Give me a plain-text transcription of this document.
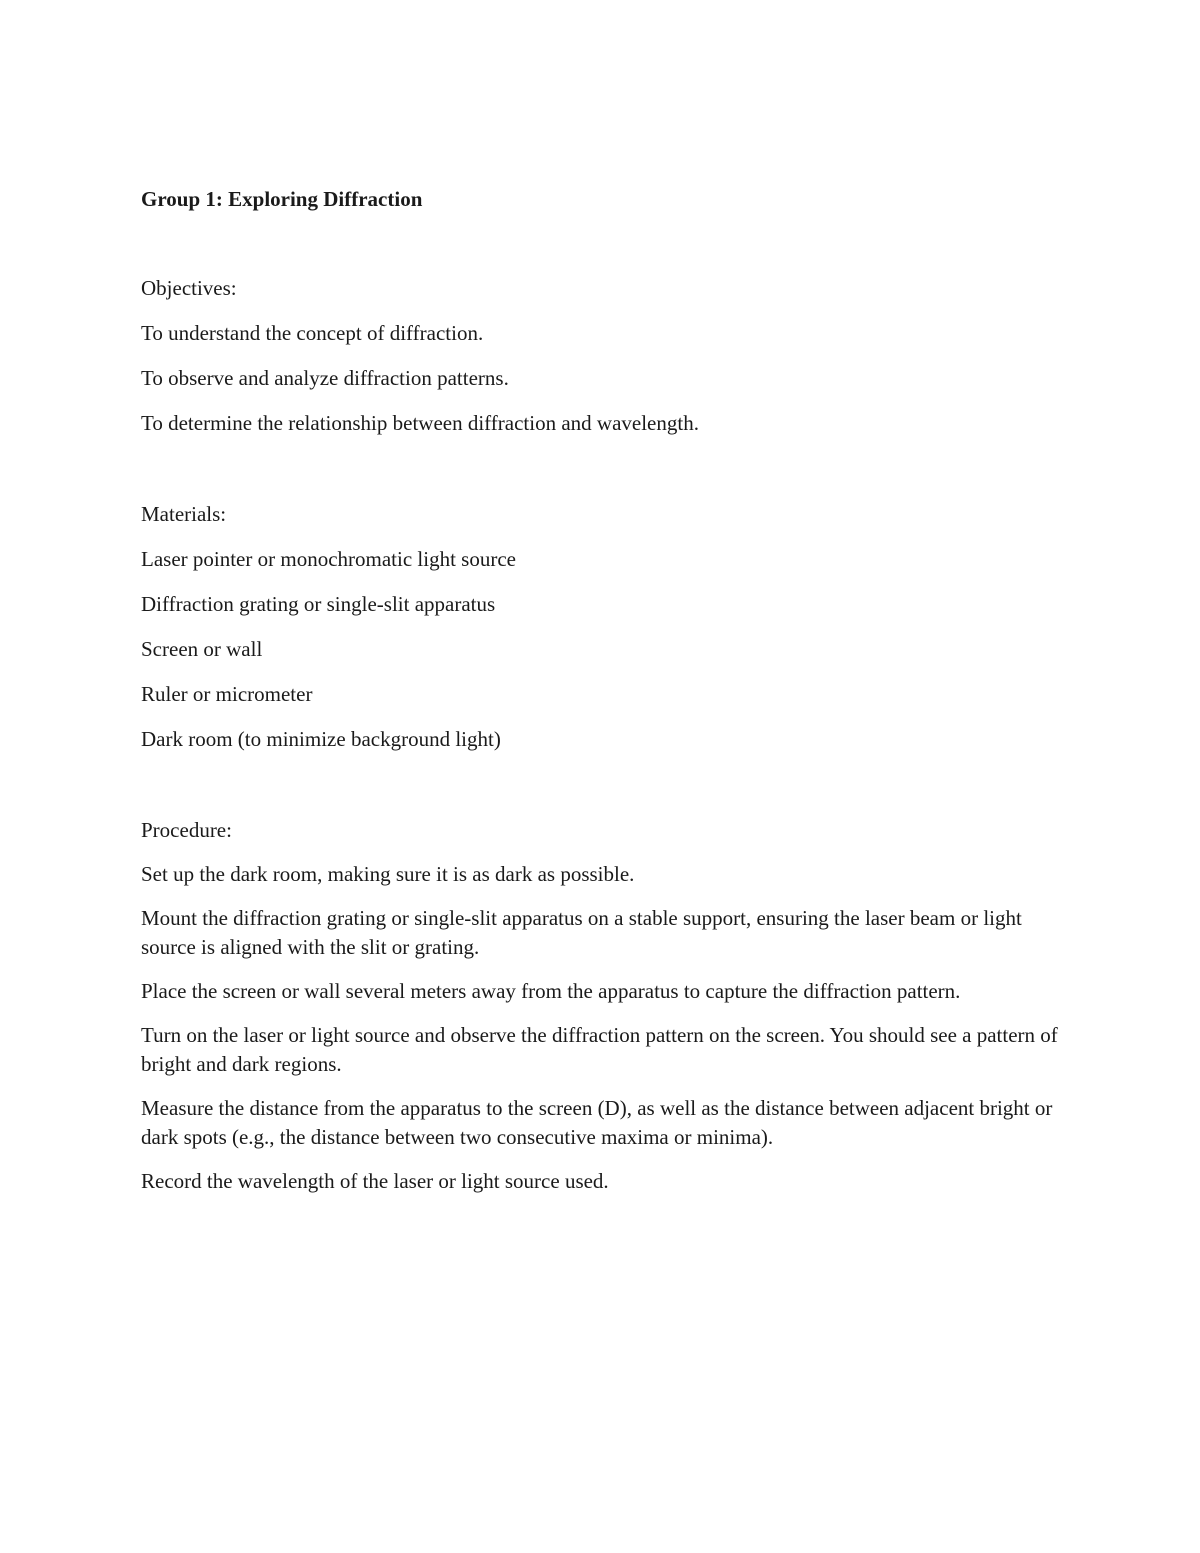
Group 1: Exploring Diffraction

Objectives:

To understand the concept of diffraction.

To observe and analyze diffraction patterns.

To determine the relationship between diffraction and wavelength.

Materials:

Laser pointer or monochromatic light source

Diffraction grating or single-slit apparatus

Screen or wall

Ruler or micrometer

Dark room (to minimize background light)

Procedure:

Set up the dark room, making sure it is as dark as possible.

Mount the diffraction grating or single-slit apparatus on a stable support, ensuring the laser beam or light source is aligned with the slit or grating.

Place the screen or wall several meters away from the apparatus to capture the diffraction pattern.

Turn on the laser or light source and observe the diffraction pattern on the screen. You should see a pattern of bright and dark regions.

Measure the distance from the apparatus to the screen (D), as well as the distance between adjacent bright or dark spots (e.g., the distance between two consecutive maxima or minima).

Record the wavelength of the laser or light source used.
